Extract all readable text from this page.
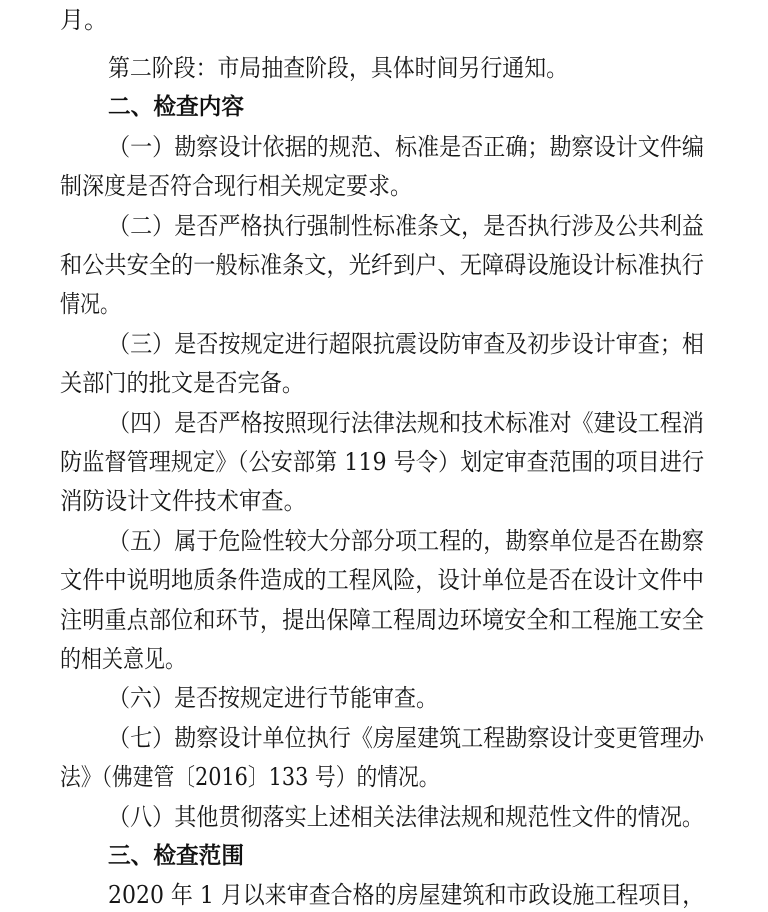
月。
第二阶段：市局抽查阶段，具体时间另行通知。
二、检查内容
（一）勘察设计依据的规范、标准是否正确；勘察设计文件编
制深度是否符合现行相关规定要求。
（二）是否严格执行强制性标准条文，是否执行涉及公共利益
和公共安全的一般标准条文，光纤到户、无障碍设施设计标准执行
情况。
（三）是否按规定进行超限抗震设防审查及初步设计审查；相
关部门的批文是否完备。
（四）是否严格按照现行法律法规和技术标准对《建设工程消
防监督管理规定》（公安部第 119 号令）划定审查范围的项目进行
消防设计文件技术审查。
（五）属于危险性较大分部分项工程的，勘察单位是否在勘察
文件中说明地质条件造成的工程风险，设计单位是否在设计文件中
注明重点部位和环节，提出保障工程周边环境安全和工程施工安全
的相关意见。
（六）是否按规定进行节能审查。
（七）勘察设计单位执行《房屋建筑工程勘察设计变更管理办
法》（佛建管〔2016〕133 号）的情况。
（八）其他贯彻落实上述相关法律法规和规范性文件的情况。
三、检查范围
2020 年 1 月以来审查合格的房屋建筑和市政设施工程项目，
